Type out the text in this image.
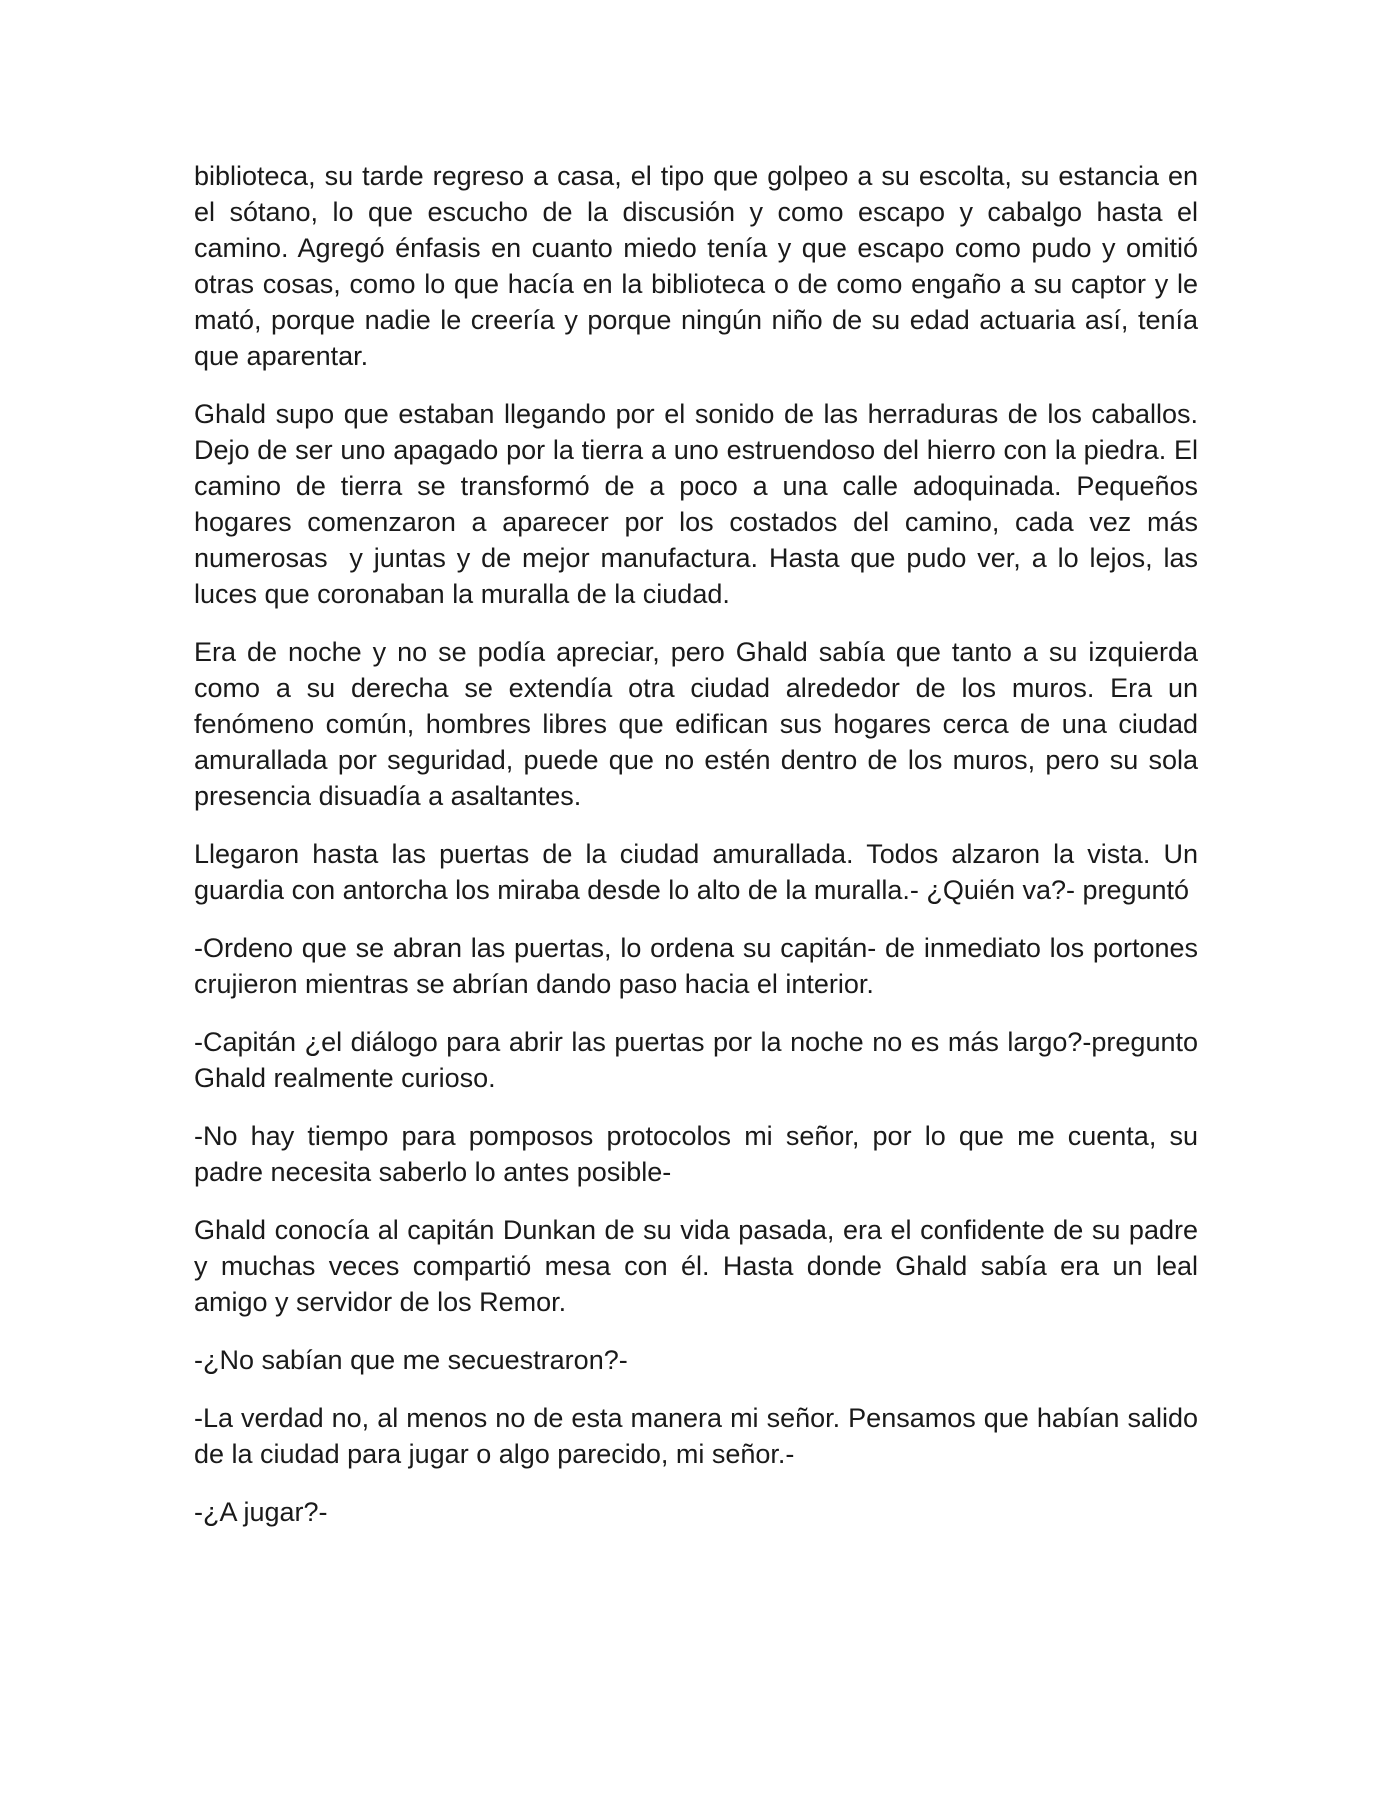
biblioteca, su tarde regreso a casa, el tipo que golpeo a su escolta, su estancia en el sótano, lo que escucho de la discusión y como escapo y cabalgo hasta el camino. Agregó énfasis en cuanto miedo tenía y que escapo como pudo y omitió otras cosas, como lo que hacía en la biblioteca o de como engaño a su captor y le mató, porque nadie le creería y porque ningún niño de su edad actuaria así, tenía que aparentar.

Ghald supo que estaban llegando por el sonido de las herraduras de los caballos. Dejo de ser uno apagado por la tierra a uno estruendoso del hierro con la piedra. El camino de tierra se transformó de a poco a una calle adoquinada. Pequeños hogares comenzaron a aparecer por los costados del camino, cada vez más numerosas  y juntas y de mejor manufactura. Hasta que pudo ver, a lo lejos, las luces que coronaban la muralla de la ciudad.

Era de noche y no se podía apreciar, pero Ghald sabía que tanto a su izquierda como a su derecha se extendía otra ciudad alrededor de los muros. Era un fenómeno común, hombres libres que edifican sus hogares cerca de una ciudad amurallada por seguridad, puede que no estén dentro de los muros, pero su sola presencia disuadía a asaltantes.

Llegaron hasta las puertas de la ciudad amurallada. Todos alzaron la vista. Un guardia con antorcha los miraba desde lo alto de la muralla.- ¿Quién va?- preguntó

-Ordeno que se abran las puertas, lo ordena su capitán- de inmediato los portones crujieron mientras se abrían dando paso hacia el interior.

-Capitán ¿el diálogo para abrir las puertas por la noche no es más largo?-pregunto Ghald realmente curioso.

-No hay tiempo para pomposos protocolos mi señor, por lo que me cuenta, su padre necesita saberlo lo antes posible-

Ghald conocía al capitán Dunkan de su vida pasada, era el confidente de su padre y muchas veces compartió mesa con él. Hasta donde Ghald sabía era un leal amigo y servidor de los Remor.

-¿No sabían que me secuestraron?-

-La verdad no, al menos no de esta manera mi señor. Pensamos que habían salido de la ciudad para jugar o algo parecido, mi señor.-

-¿A jugar?-
